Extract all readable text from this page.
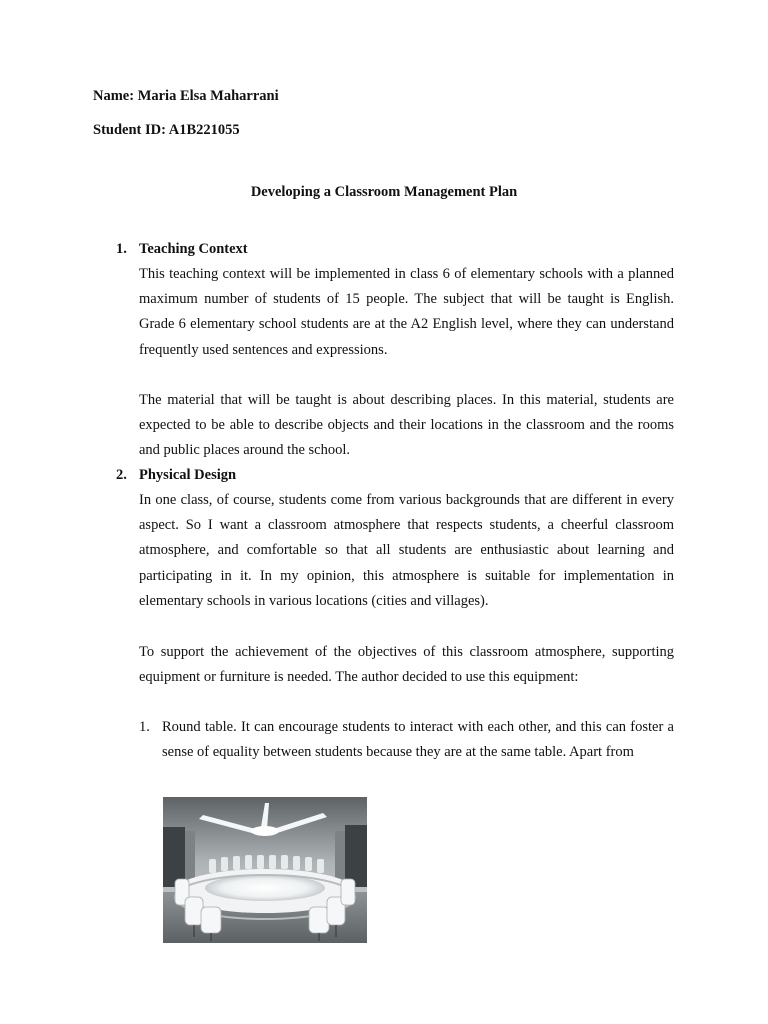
Name: Maria Elsa Maharrani
Student ID: A1B221055
Developing a Classroom Management Plan
1. Teaching Context
This teaching context will be implemented in class 6 of elementary schools with a planned maximum number of students of 15 people. The subject that will be taught is English. Grade 6 elementary school students are at the A2 English level, where they can understand frequently used sentences and expressions.
The material that will be taught is about describing places. In this material, students are expected to be able to describe objects and their locations in the classroom and the rooms and public places around the school.
2. Physical Design
In one class, of course, students come from various backgrounds that are different in every aspect. So I want a classroom atmosphere that respects students, a cheerful classroom atmosphere, and comfortable so that all students are enthusiastic about learning and participating in it. In my opinion, this atmosphere is suitable for implementation in elementary schools in various locations (cities and villages).
To support the achievement of the objectives of this classroom atmosphere, supporting equipment or furniture is needed. The author decided to use this equipment:
1. Round table. It can encourage students to interact with each other, and this can foster a sense of equality between students because they are at the same table. Apart from
